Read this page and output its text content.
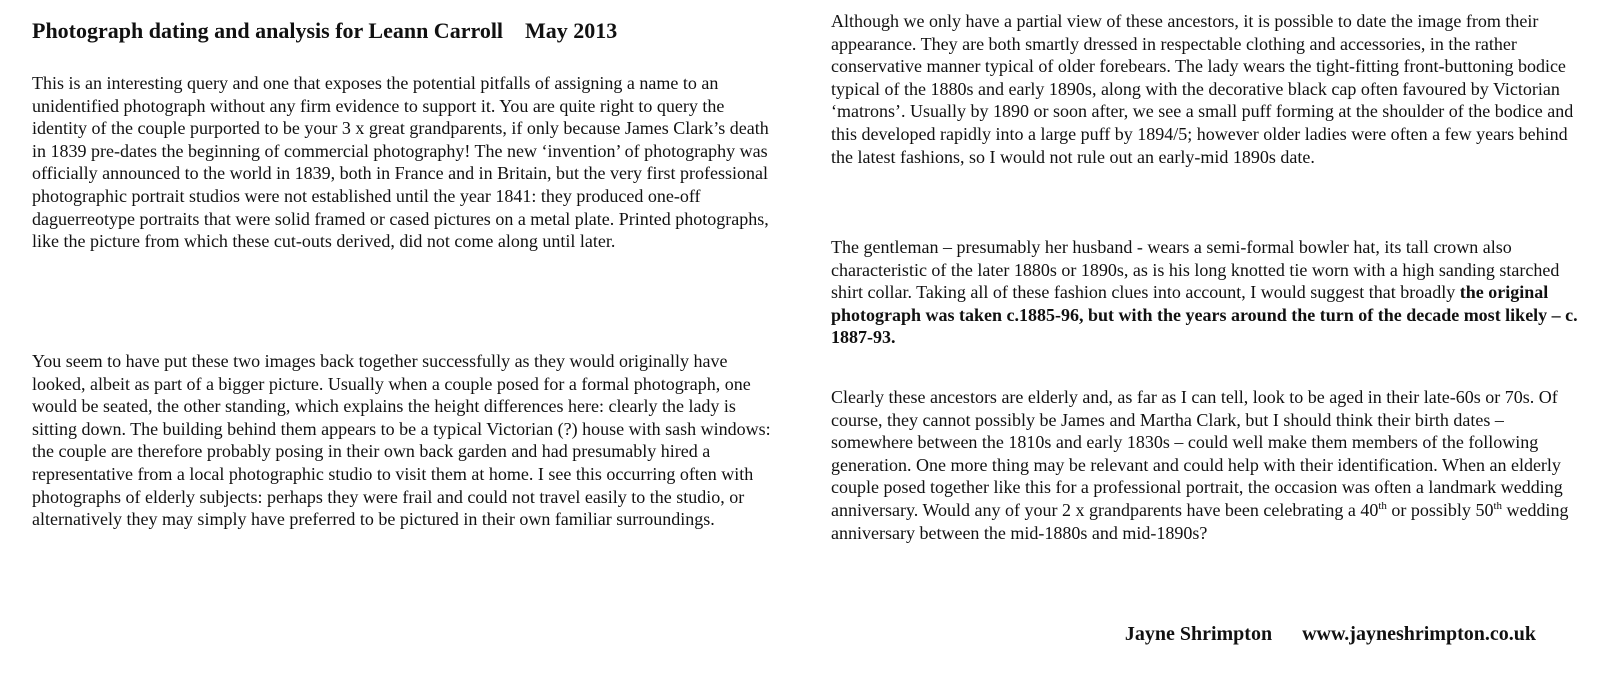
Photograph dating and analysis for Leann Carroll May 2013

This is an interesting query and one that exposes the potential pitfalls of assigning a name to an unidentified photograph without any firm evidence to support it. You are quite right to query the identity of the couple purported to be your 3 x great grandparents, if only because James Clark’s death in 1839 pre-dates the beginning of commercial photography! The new ‘invention’ of photography was officially announced to the world in 1839, both in France and in Britain, but the very first professional photographic portrait studios were not established until the year 1841: they produced one-off daguerreotype portraits that were solid framed or cased pictures on a metal plate. Printed photographs, like the picture from which these cut-outs derived, did not come along until later.

You seem to have put these two images back together successfully as they would originally have looked, albeit as part of a bigger picture. Usually when a couple posed for a formal photograph, one would be seated, the other standing, which explains the height differences here: clearly the lady is sitting down. The building behind them appears to be a typical Victorian (?) house with sash windows: the couple are therefore probably posing in their own back garden and had presumably hired a representative from a local photographic studio to visit them at home. I see this occurring often with photographs of elderly subjects: perhaps they were frail and could not travel easily to the studio, or alternatively they may simply have preferred to be pictured in their own familiar surroundings.

Although we only have a partial view of these ancestors, it is possible to date the image from their appearance. They are both smartly dressed in respectable clothing and accessories, in the rather conservative manner typical of older forebears. The lady wears the tight-fitting front-buttoning bodice typical of the 1880s and early 1890s, along with the decorative black cap often favoured by Victorian ‘matrons’. Usually by 1890 or soon after, we see a small puff forming at the shoulder of the bodice and this developed rapidly into a large puff by 1894/5; however older ladies were often a few years behind the latest fashions, so I would not rule out an early-mid 1890s date.

The gentleman – presumably her husband - wears a semi-formal bowler hat, its tall crown also characteristic of the later 1880s or 1890s, as is his long knotted tie worn with a high sanding starched shirt collar. Taking all of these fashion clues into account, I would suggest that broadly the original photograph was taken c.1885-96, but with the years around the turn of the decade most likely – c. 1887-93.

Clearly these ancestors are elderly and, as far as I can tell, look to be aged in their late-60s or 70s. Of course, they cannot possibly be James and Martha Clark, but I should think their birth dates – somewhere between the 1810s and early 1830s – could well make them members of the following generation. One more thing may be relevant and could help with their identification. When an elderly couple posed together like this for a professional portrait, the occasion was often a landmark wedding anniversary. Would any of your 2 x grandparents have been celebrating a 40th or possibly 50th wedding anniversary between the mid-1880s and mid-1890s?

Jayne Shrimpton www.jayneshrimpton.co.uk
